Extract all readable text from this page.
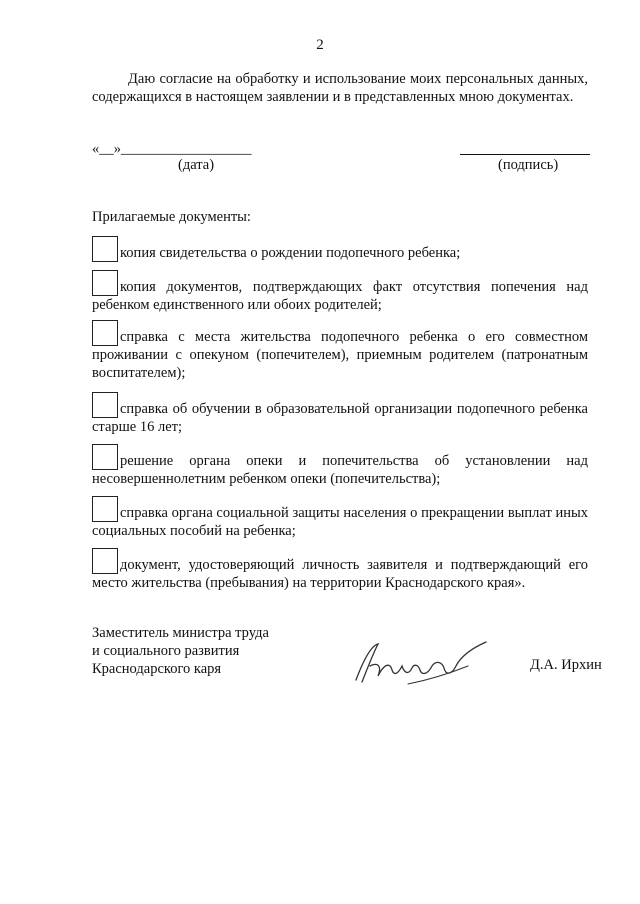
2

Даю согласие на обработку и использование моих персональных данных, содержащихся в настоящем заявлении и в представленных мною документах.

«__»__________________
(дата)	(подпись)
Прилагаемые документы:
копия свидетельства о рождении подопечного ребенка;
копия документов, подтверждающих факт отсутствия попечения над ребенком единственного или обоих родителей;
справка с места жительства подопечного ребенка о его совместном проживании с опекуном (попечителем), приемным родителем (патронатным воспитателем);
справка об обучении в образовательной организации подопечного ребенка старше 16 лет;
решение органа опеки и попечительства об установлении над несовершеннолетним ребенком опеки (попечительства);
справка органа социальной защиты населения о прекращении выплат иных социальных пособий на ребенка;
документ, удостоверяющий личность заявителя и подтверждающий его место жительства (пребывания) на территории Краснодарского края».
Заместитель министра труда
и социального развития
Краснодарского каря	Д.А. Ирхин
